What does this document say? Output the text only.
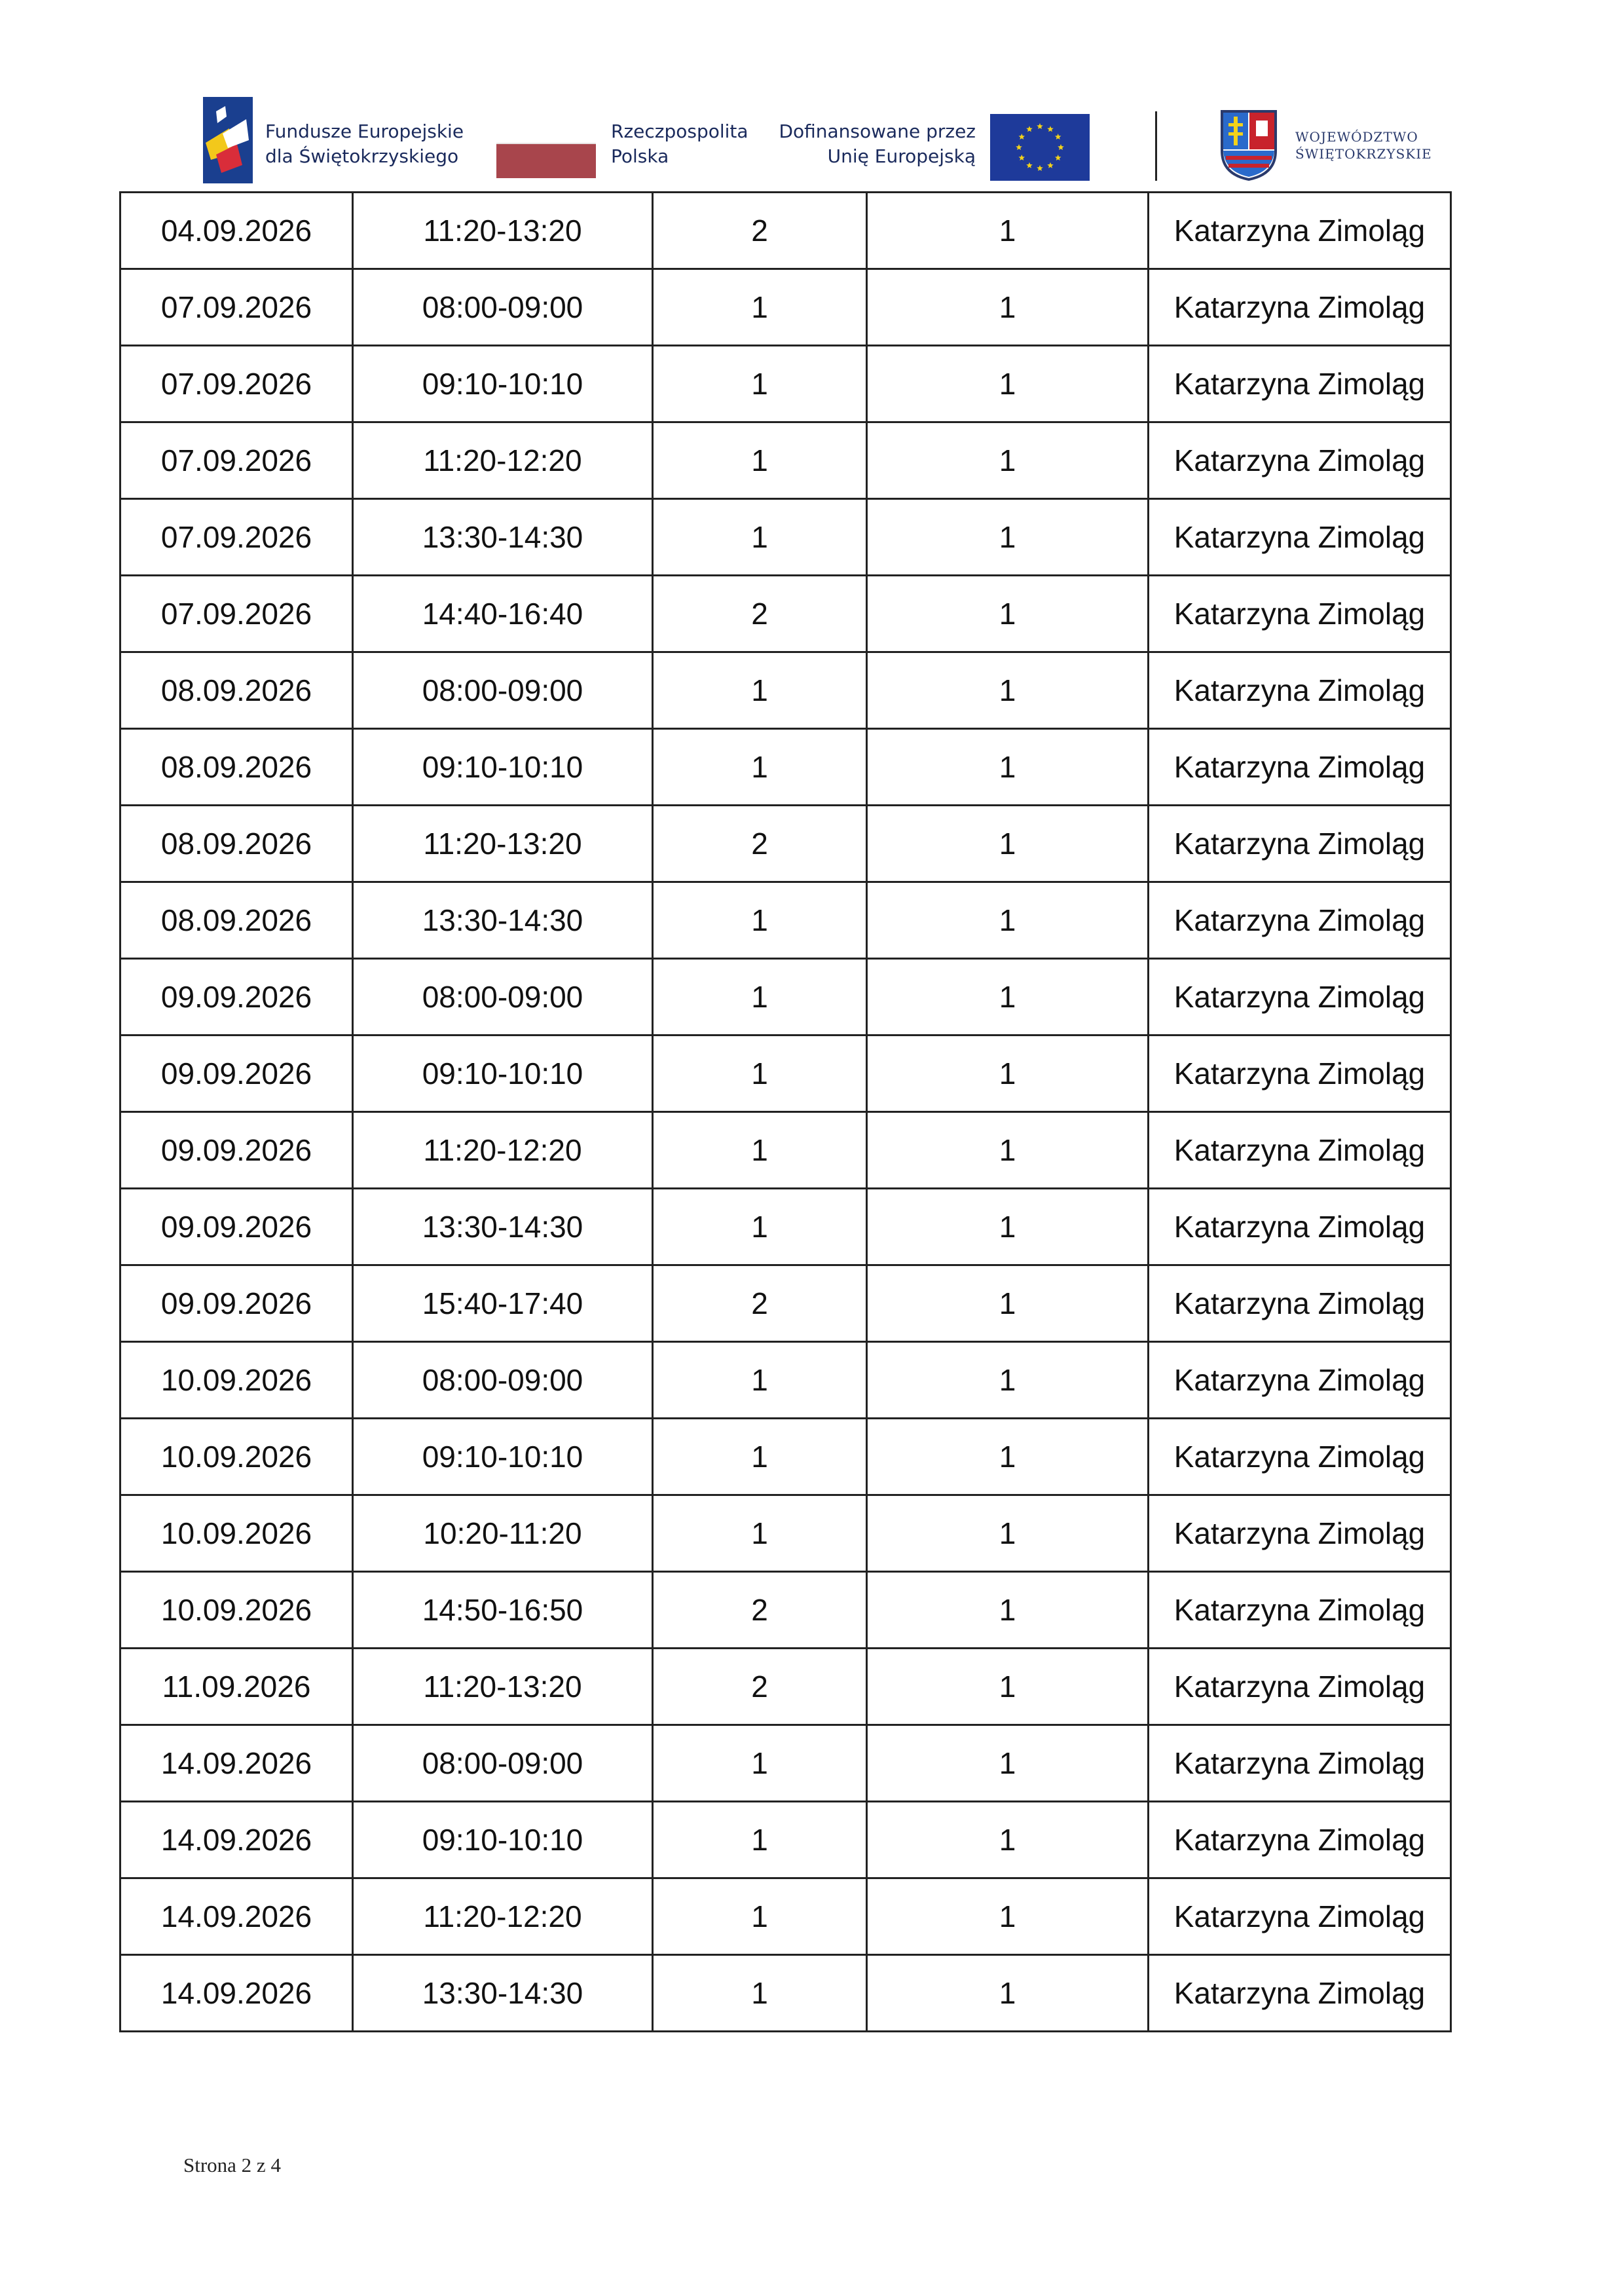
Fundusze Europejskie
dla Świętokrzyskiego
Rzeczpospolita
Polska
Dofinansowane przez
Unię Europejską
WOJEWÓDZTWO
ŚWIĘTOKRZYSKIE
04.09.2026	11:20-13:20	2	1	Katarzyna Zimoląg
07.09.2026	08:00-09:00	1	1	Katarzyna Zimoląg
07.09.2026	09:10-10:10	1	1	Katarzyna Zimoląg
07.09.2026	11:20-12:20	1	1	Katarzyna Zimoląg
07.09.2026	13:30-14:30	1	1	Katarzyna Zimoląg
07.09.2026	14:40-16:40	2	1	Katarzyna Zimoląg
08.09.2026	08:00-09:00	1	1	Katarzyna Zimoląg
08.09.2026	09:10-10:10	1	1	Katarzyna Zimoląg
08.09.2026	11:20-13:20	2	1	Katarzyna Zimoląg
08.09.2026	13:30-14:30	1	1	Katarzyna Zimoląg
09.09.2026	08:00-09:00	1	1	Katarzyna Zimoląg
09.09.2026	09:10-10:10	1	1	Katarzyna Zimoląg
09.09.2026	11:20-12:20	1	1	Katarzyna Zimoląg
09.09.2026	13:30-14:30	1	1	Katarzyna Zimoląg
09.09.2026	15:40-17:40	2	1	Katarzyna Zimoląg
10.09.2026	08:00-09:00	1	1	Katarzyna Zimoląg
10.09.2026	09:10-10:10	1	1	Katarzyna Zimoląg
10.09.2026	10:20-11:20	1	1	Katarzyna Zimoląg
10.09.2026	14:50-16:50	2	1	Katarzyna Zimoląg
11.09.2026	11:20-13:20	2	1	Katarzyna Zimoląg
14.09.2026	08:00-09:00	1	1	Katarzyna Zimoląg
14.09.2026	09:10-10:10	1	1	Katarzyna Zimoląg
14.09.2026	11:20-12:20	1	1	Katarzyna Zimoląg
14.09.2026	13:30-14:30	1	1	Katarzyna Zimoląg
Strona 2 z 4
